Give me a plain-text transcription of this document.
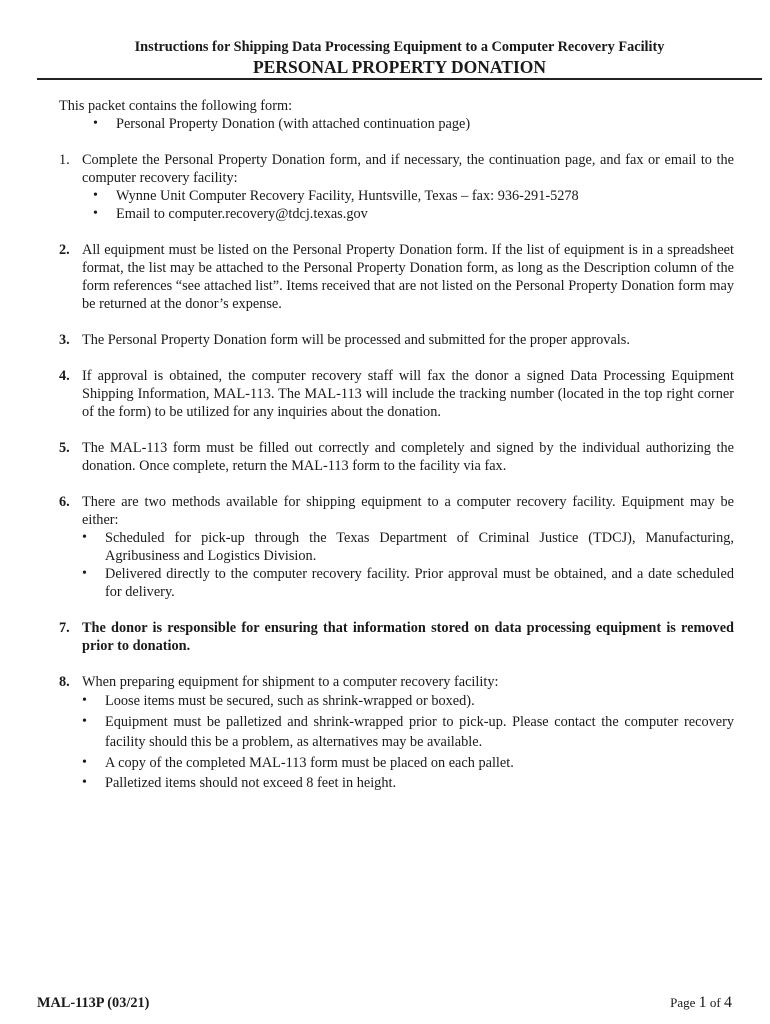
Instructions for Shipping Data Processing Equipment to a Computer Recovery Facility
PERSONAL PROPERTY DONATION

This packet contains the following form:

• Personal Property Donation (with attached continuation page)
1. Complete the Personal Property Donation form, and if necessary, the continuation page, and fax or email to the computer recovery facility:

• Wynne Unit Computer Recovery Facility, Huntsville, Texas – fax: 936-291-5278
• Email to computer.recovery@tdcj.texas.gov
2. All equipment must be listed on the Personal Property Donation form. If the list of equipment is in a spreadsheet format, the list may be attached to the Personal Property Donation form, as long as the Description column of the form references “see attached list”. Items received that are not listed on the Personal Property Donation form may be returned at the donor’s expense.

3. The Personal Property Donation form will be processed and submitted for the proper approvals.

4. If approval is obtained, the computer recovery staff will fax the donor a signed Data Processing Equipment Shipping Information, MAL-113. The MAL-113 will include the tracking number (located in the top right corner of the form) to be utilized for any inquiries about the donation.

5. The MAL-113 form must be filled out correctly and completely and signed by the individual authorizing the donation. Once complete, return the MAL-113 form to the facility via fax.

6. There are two methods available for shipping equipment to a computer recovery facility. Equipment may be either:

• Scheduled for pick-up through the Texas Department of Criminal Justice (TDCJ), Manufacturing, Agribusiness and Logistics Division.
• Delivered directly to the computer recovery facility. Prior approval must be obtained, and a date scheduled for delivery.
7. The donor is responsible for ensuring that information stored on data processing equipment is removed prior to donation.

8. When preparing equipment for shipment to a computer recovery facility:

• Loose items must be secured, such as shrink-wrapped or boxed).
• Equipment must be palletized and shrink-wrapped prior to pick-up. Please contact the computer recovery facility should this be a problem, as alternatives may be available.
• A copy of the completed MAL-113 form must be placed on each pallet.
• Palletized items should not exceed 8 feet in height.
MAL-113P (03/21)	Page 1 of 4
